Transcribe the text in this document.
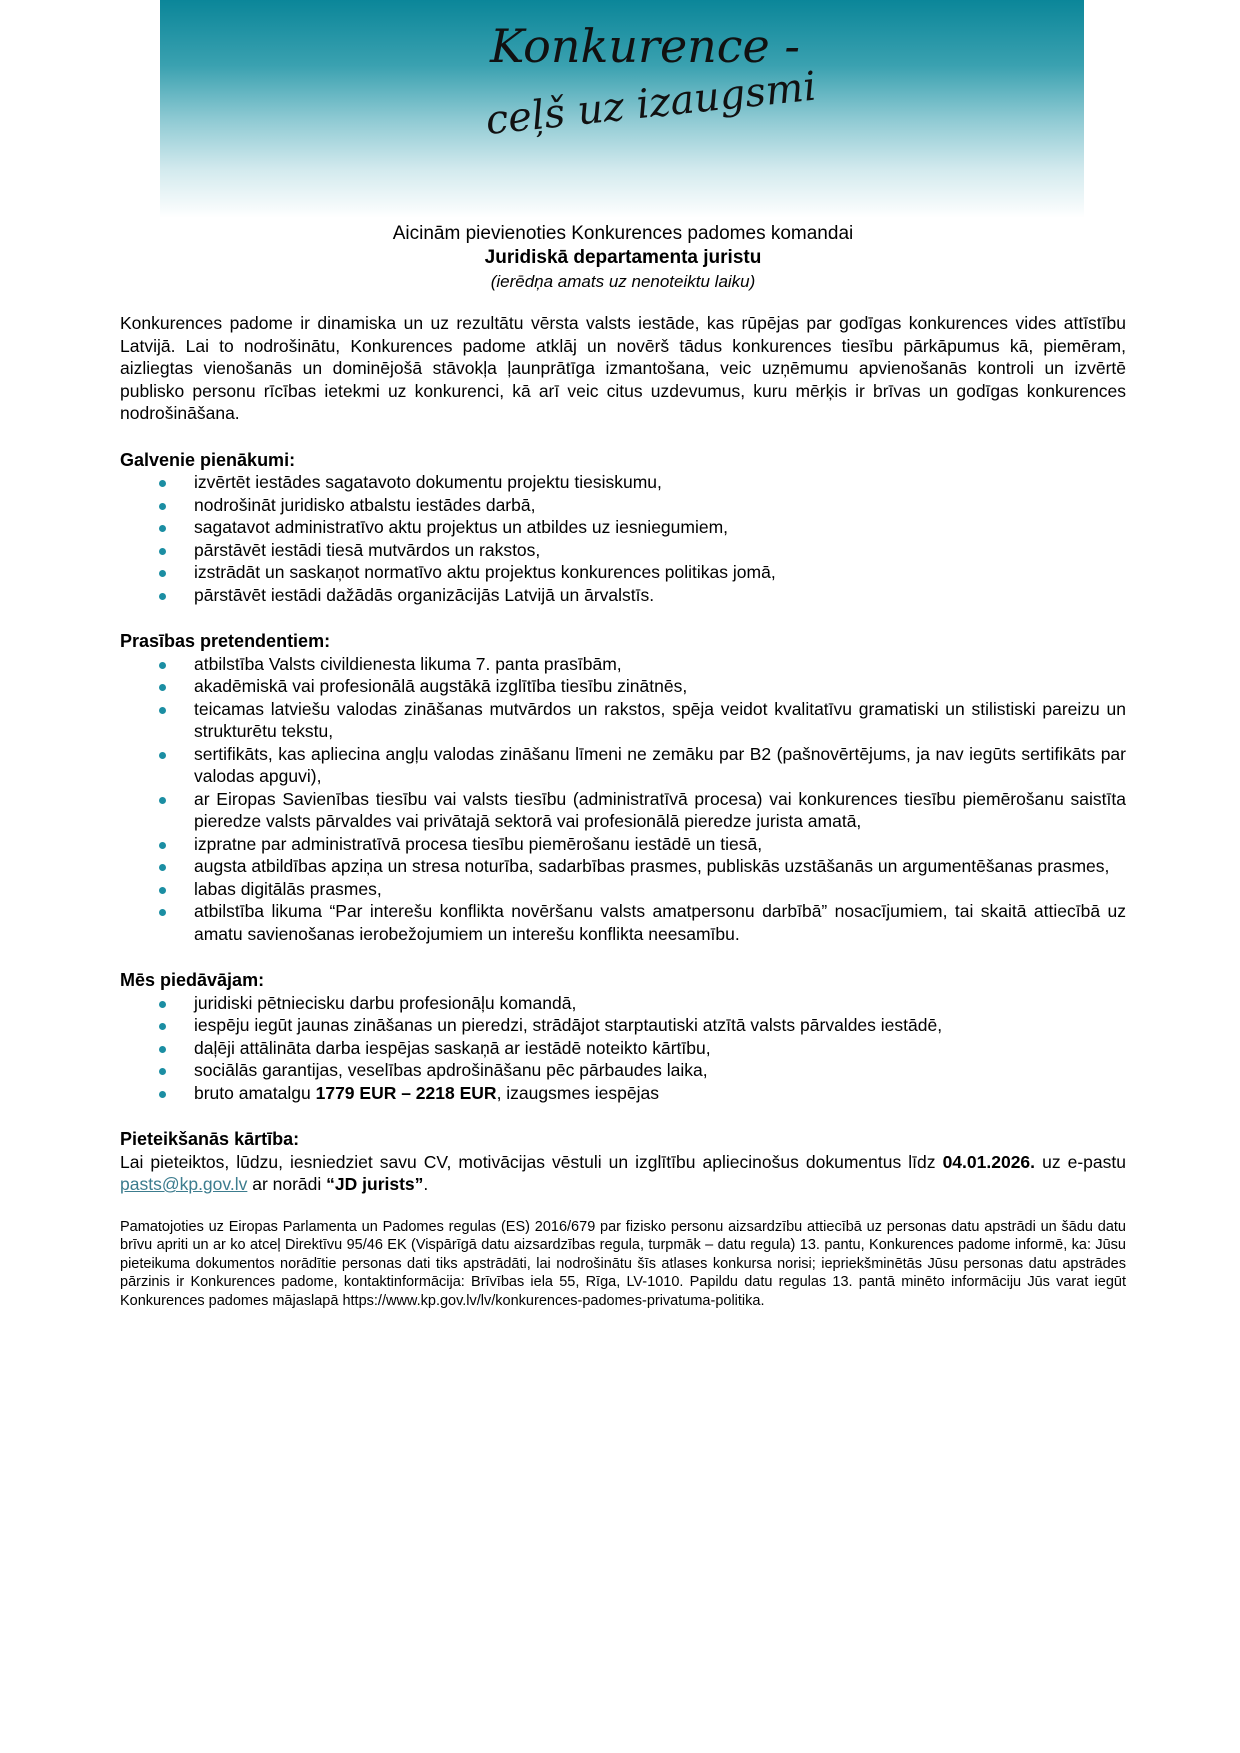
Konkurence -
ceļš uz izaugsmi
Aicinām pievienoties Konkurences padomes komandai
Juridiskā departamenta juristu
(ierēdņa amats uz nenoteiktu laiku)

Konkurences padome ir dinamiska un uz rezultātu vērsta valsts iestāde, kas rūpējas par godīgas konkurences vides attīstību Latvijā. Lai to nodrošinātu, Konkurences padome atklāj un novērš tādus konkurences tiesību pārkāpumus kā, piemēram, aizliegtas vienošanās un dominējošā stāvokļa ļaunprātīga izmantošana, veic uzņēmumu apvienošanās kontroli un izvērtē publisko personu rīcības ietekmi uz konkurenci, kā arī veic citus uzdevumus, kuru mērķis ir brīvas un godīgas konkurences nodrošināšana.

Galvenie pienākumi:
izvērtēt iestādes sagatavoto dokumentu projektu tiesiskumu,
nodrošināt juridisko atbalstu iestādes darbā,
sagatavot administratīvo aktu projektus un atbildes uz iesniegumiem,
pārstāvēt iestādi tiesā mutvārdos un rakstos,
izstrādāt un saskaņot normatīvo aktu projektus konkurences politikas jomā,
pārstāvēt iestādi dažādās organizācijās Latvijā un ārvalstīs.
Prasības pretendentiem:
atbilstība Valsts civildienesta likuma 7. panta prasībām,
akadēmiskā vai profesionālā augstākā izglītība tiesību zinātnēs,
teicamas latviešu valodas zināšanas mutvārdos un rakstos, spēja veidot kvalitatīvu gramatiski un stilistiski pareizu un strukturētu tekstu,
sertifikāts, kas apliecina angļu valodas zināšanu līmeni ne zemāku par B2 (pašnovērtējums, ja nav iegūts sertifikāts par valodas apguvi),
ar Eiropas Savienības tiesību vai valsts tiesību (administratīvā procesa) vai konkurences tiesību piemērošanu saistīta pieredze valsts pārvaldes vai privātajā sektorā vai profesionālā pieredze jurista amatā,
izpratne par administratīvā procesa tiesību piemērošanu iestādē un tiesā,
augsta atbildības apziņa un stresa noturība, sadarbības prasmes, publiskās uzstāšanās un argumentēšanas prasmes,
labas digitālās prasmes,
atbilstība likuma “Par interešu konflikta novēršanu valsts amatpersonu darbībā” nosacījumiem, tai skaitā attiecībā uz amatu savienošanas ierobežojumiem un interešu konflikta neesamību.
Mēs piedāvājam:
juridiski pētniecisku darbu profesionāļu komandā,
iespēju iegūt jaunas zināšanas un pieredzi, strādājot starptautiski atzītā valsts pārvaldes iestādē,
daļēji attālināta darba iespējas saskaņā ar iestādē noteikto kārtību,
sociālās garantijas, veselības apdrošināšanu pēc pārbaudes laika,
bruto amatalgu 1779 EUR – 2218 EUR, izaugsmes iespējas
Pieteikšanās kārtība:

Lai pieteiktos, lūdzu, iesniedziet savu CV, motivācijas vēstuli un izglītību apliecinošus dokumentus līdz 04.01.2026. uz e-pastu pasts@kp.gov.lv ar norādi “JD jurists”.

Pamatojoties uz Eiropas Parlamenta un Padomes regulas (ES) 2016/679 par fizisko personu aizsardzību attiecībā uz personas datu apstrādi un šādu datu brīvu apriti un ar ko atceļ Direktīvu 95/46 EK (Vispārīgā datu aizsardzības regula, turpmāk – datu regula) 13. pantu, Konkurences padome informē, ka: Jūsu pieteikuma dokumentos norādītie personas dati tiks apstrādāti, lai nodrošinātu šīs atlases konkursa norisi; iepriekšminētās Jūsu personas datu apstrādes pārzinis ir Konkurences padome, kontaktinformācija: Brīvības iela 55, Rīga, LV-1010. Papildu datu regulas 13. pantā minēto informāciju Jūs varat iegūt Konkurences padomes mājaslapā https://www.kp.gov.lv/lv/konkurences-padomes-privatuma-politika.
